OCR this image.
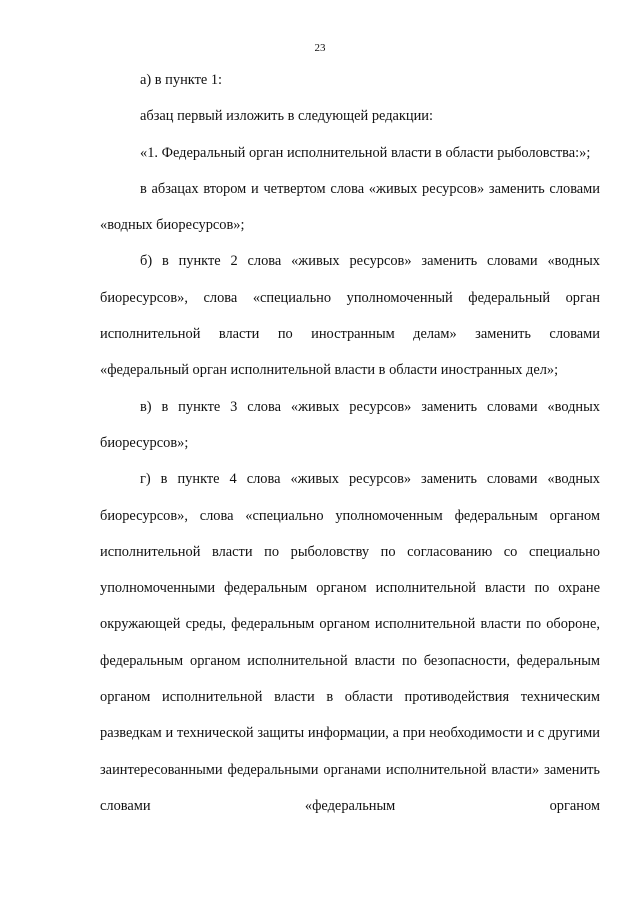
23

а) в пункте 1:

абзац первый изложить в следующей редакции:

«1. Федеральный орган исполнительной власти в области рыболовства:»;

в абзацах втором и четвертом слова «живых ресурсов» заменить словами «водных биоресурсов»;

б) в пункте 2 слова «живых ресурсов» заменить словами «водных биоресурсов», слова «специально уполномоченный федеральный орган исполнительной власти по иностранным делам» заменить словами «федеральный орган исполнительной власти в области иностранных дел»;

в) в пункте 3 слова «живых ресурсов» заменить словами «водных биоресурсов»;

г) в пункте 4 слова «живых ресурсов» заменить словами «водных биоресурсов», слова «специально уполномоченным федеральным органом исполнительной власти по рыболовству по согласованию со специально уполномоченными федеральным органом исполнительной власти по охране окружающей среды, федеральным органом исполнительной власти по обороне, федеральным органом исполнительной власти по безопасности, федеральным органом исполнительной власти в области противодействия техническим разведкам и технической защиты информации, а при необходимости и с другими заинтересованными федеральными органами исполнительной власти» заменить словами «федеральным органом
